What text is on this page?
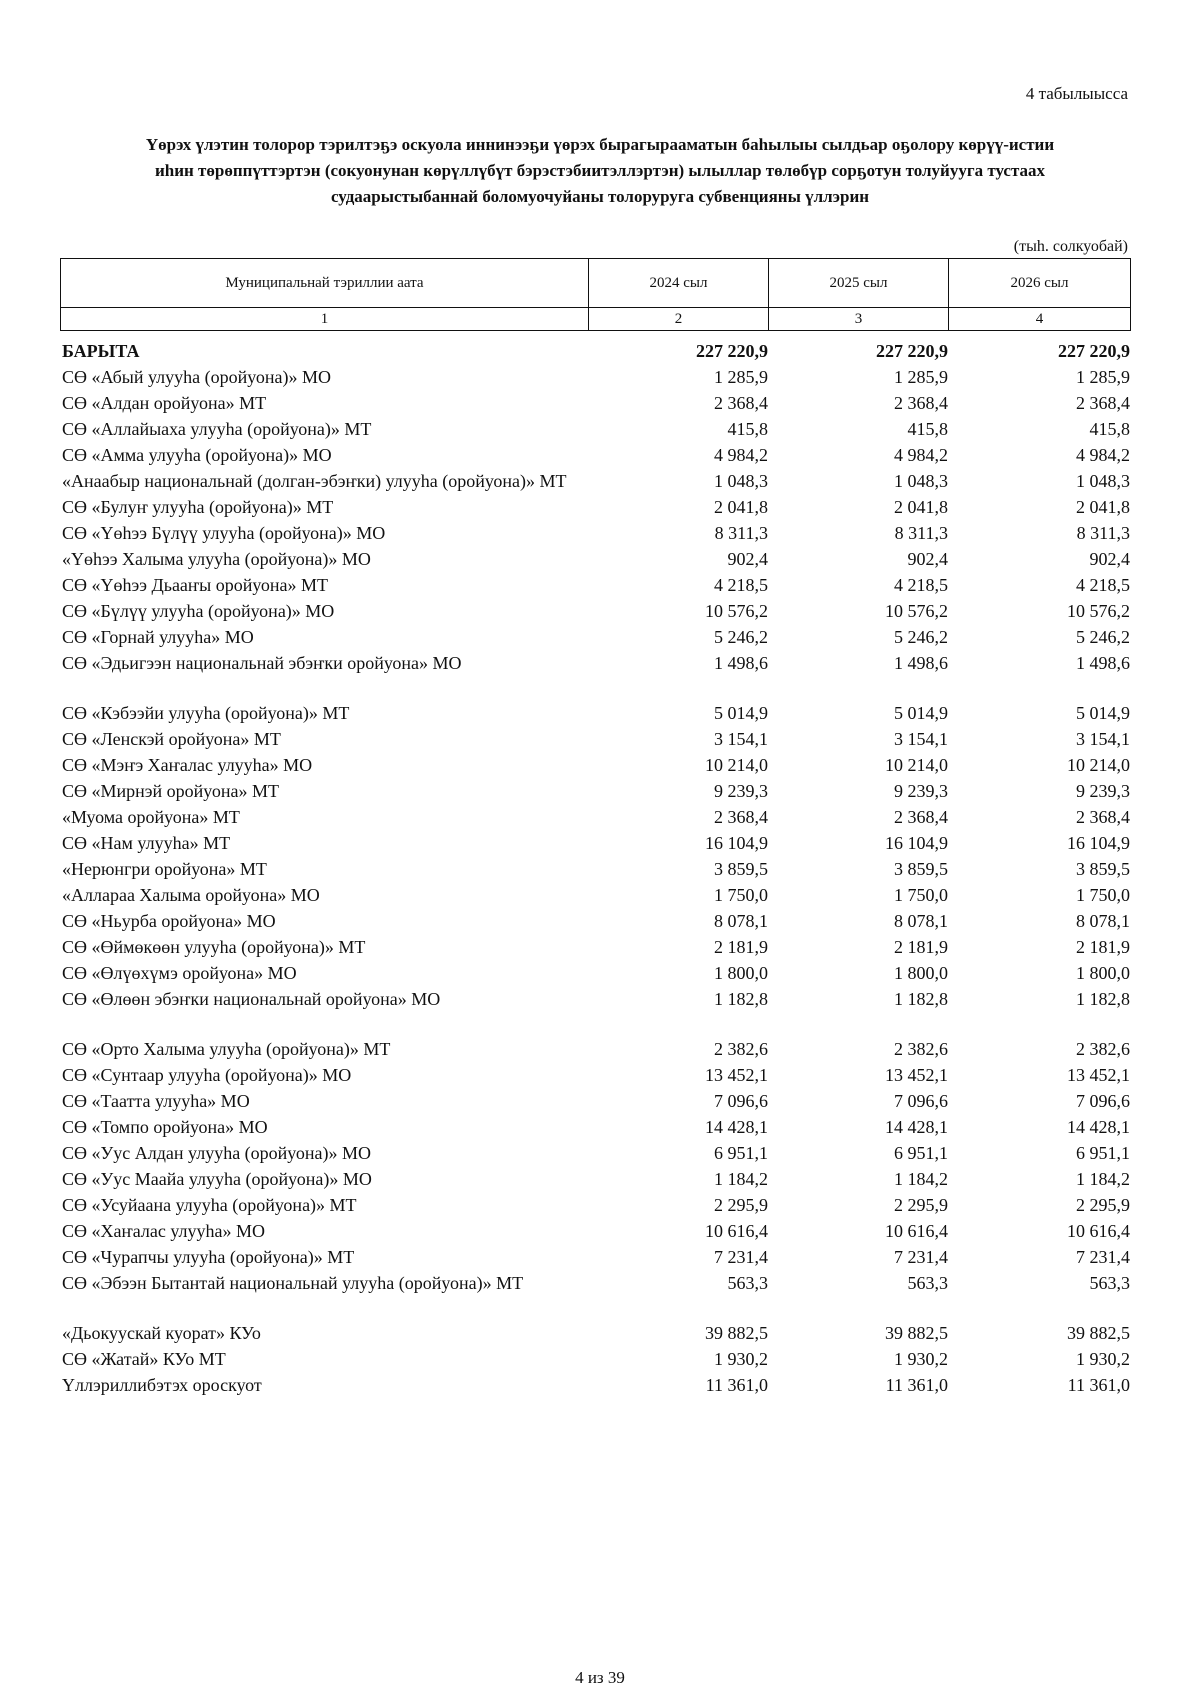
4 табылыысса
Үөрэх үлэтин толорор тэрилтэҕэ оскуола иннинээҕи үөрэх бырагырааматын баһылыы сылдьар оҕолору көрүү-истии
иһин төрөппүттэртэн (сокуонунан көрүллүбүт бэрэстэбиитэллэртэн) ылыллар төлөбүр сорҕотун толуйууга тустаах
судаарыстыбаннай боломуочуйаны толоруруга субвенцияны үллэрин
(тыһ. солкуобай)
Муниципальнай тэриллии аата	2024 сыл	2025 сыл	2026 сыл
1	2	3	4
БАРЫТА	227 220,9	227 220,9	227 220,9
СӨ «Абый улууһа (оройуона)» МО	1 285,9	1 285,9	1 285,9
СӨ «Алдан оройуона» МТ	2 368,4	2 368,4	2 368,4
СӨ «Аллайыаха улууһа (оройуона)» МТ	415,8	415,8	415,8
СӨ «Амма улууһа (оройуона)» МО	4 984,2	4 984,2	4 984,2
«Анаабыр национальнай (долган-эбэҥки) улууһа (оройуона)» МТ	1 048,3	1 048,3	1 048,3
СӨ «Булуҥ улууһа (оройуона)» МТ	2 041,8	2 041,8	2 041,8
СӨ «Үөһээ Бүлүү улууһа (оройуона)» МО	8 311,3	8 311,3	8 311,3
«Үөһээ Халыма улууһа (оройуона)» МО	902,4	902,4	902,4
СӨ «Үөһээ Дьааҥы оройуона» МТ	4 218,5	4 218,5	4 218,5
СӨ «Бүлүү улууһа (оройуона)» МО	10 576,2	10 576,2	10 576,2
СӨ «Горнай улууһа» МО	5 246,2	5 246,2	5 246,2
СӨ «Эдьигээн национальнай эбэҥки оройуона» МО	1 498,6	1 498,6	1 498,6

СӨ «Кэбээйи улууһа (оройуона)» МТ	5 014,9	5 014,9	5 014,9
СӨ «Ленскэй оройуона» МТ	3 154,1	3 154,1	3 154,1
СӨ «Мэҥэ Хаҥалас улууһа» МО	10 214,0	10 214,0	10 214,0
СӨ «Мирнэй оройуона» МТ	9 239,3	9 239,3	9 239,3
«Муома оройуона» МТ	2 368,4	2 368,4	2 368,4
СӨ «Нам улууһа» МТ	16 104,9	16 104,9	16 104,9
«Нерюнгри оройуона» МТ	3 859,5	3 859,5	3 859,5
«Аллараа Халыма оройуона» МО	1 750,0	1 750,0	1 750,0
СӨ «Ньурба оройуона» МО	8 078,1	8 078,1	8 078,1
СӨ «Өймөкөөн улууһа (оройуона)» МТ	2 181,9	2 181,9	2 181,9
СӨ «Өлүөхүмэ оройуона» МО	1 800,0	1 800,0	1 800,0
СӨ «Өлөөн эбэҥки национальнай оройуона» МО	1 182,8	1 182,8	1 182,8

СӨ «Орто Халыма улууһа (оройуона)» МТ	2 382,6	2 382,6	2 382,6
СӨ «Сунтаар улууһа (оройуона)» МО	13 452,1	13 452,1	13 452,1
СӨ «Таатта улууһа» МО	7 096,6	7 096,6	7 096,6
СӨ «Томпо оройуона» МО	14 428,1	14 428,1	14 428,1
СӨ «Уус Алдан улууһа (оройуона)» МО	6 951,1	6 951,1	6 951,1
СӨ «Уус Маайа улууһа (оройуона)» МО	1 184,2	1 184,2	1 184,2
СӨ «Усуйаана улууһа (оройуона)» МТ	2 295,9	2 295,9	2 295,9
СӨ «Хаҥалас улууһа» МО	10 616,4	10 616,4	10 616,4
СӨ «Чурапчы улууһа (оройуона)» МТ	7 231,4	7 231,4	7 231,4
СӨ «Эбээн Бытантай национальнай улууһа (оройуона)» МТ	563,3	563,3	563,3

«Дьокуускай куорат» КУо	39 882,5	39 882,5	39 882,5
СӨ «Жатай» КУо МТ	1 930,2	1 930,2	1 930,2
Үллэриллибэтэх ороскуот	11 361,0	11 361,0	11 361,0
4 из 39
